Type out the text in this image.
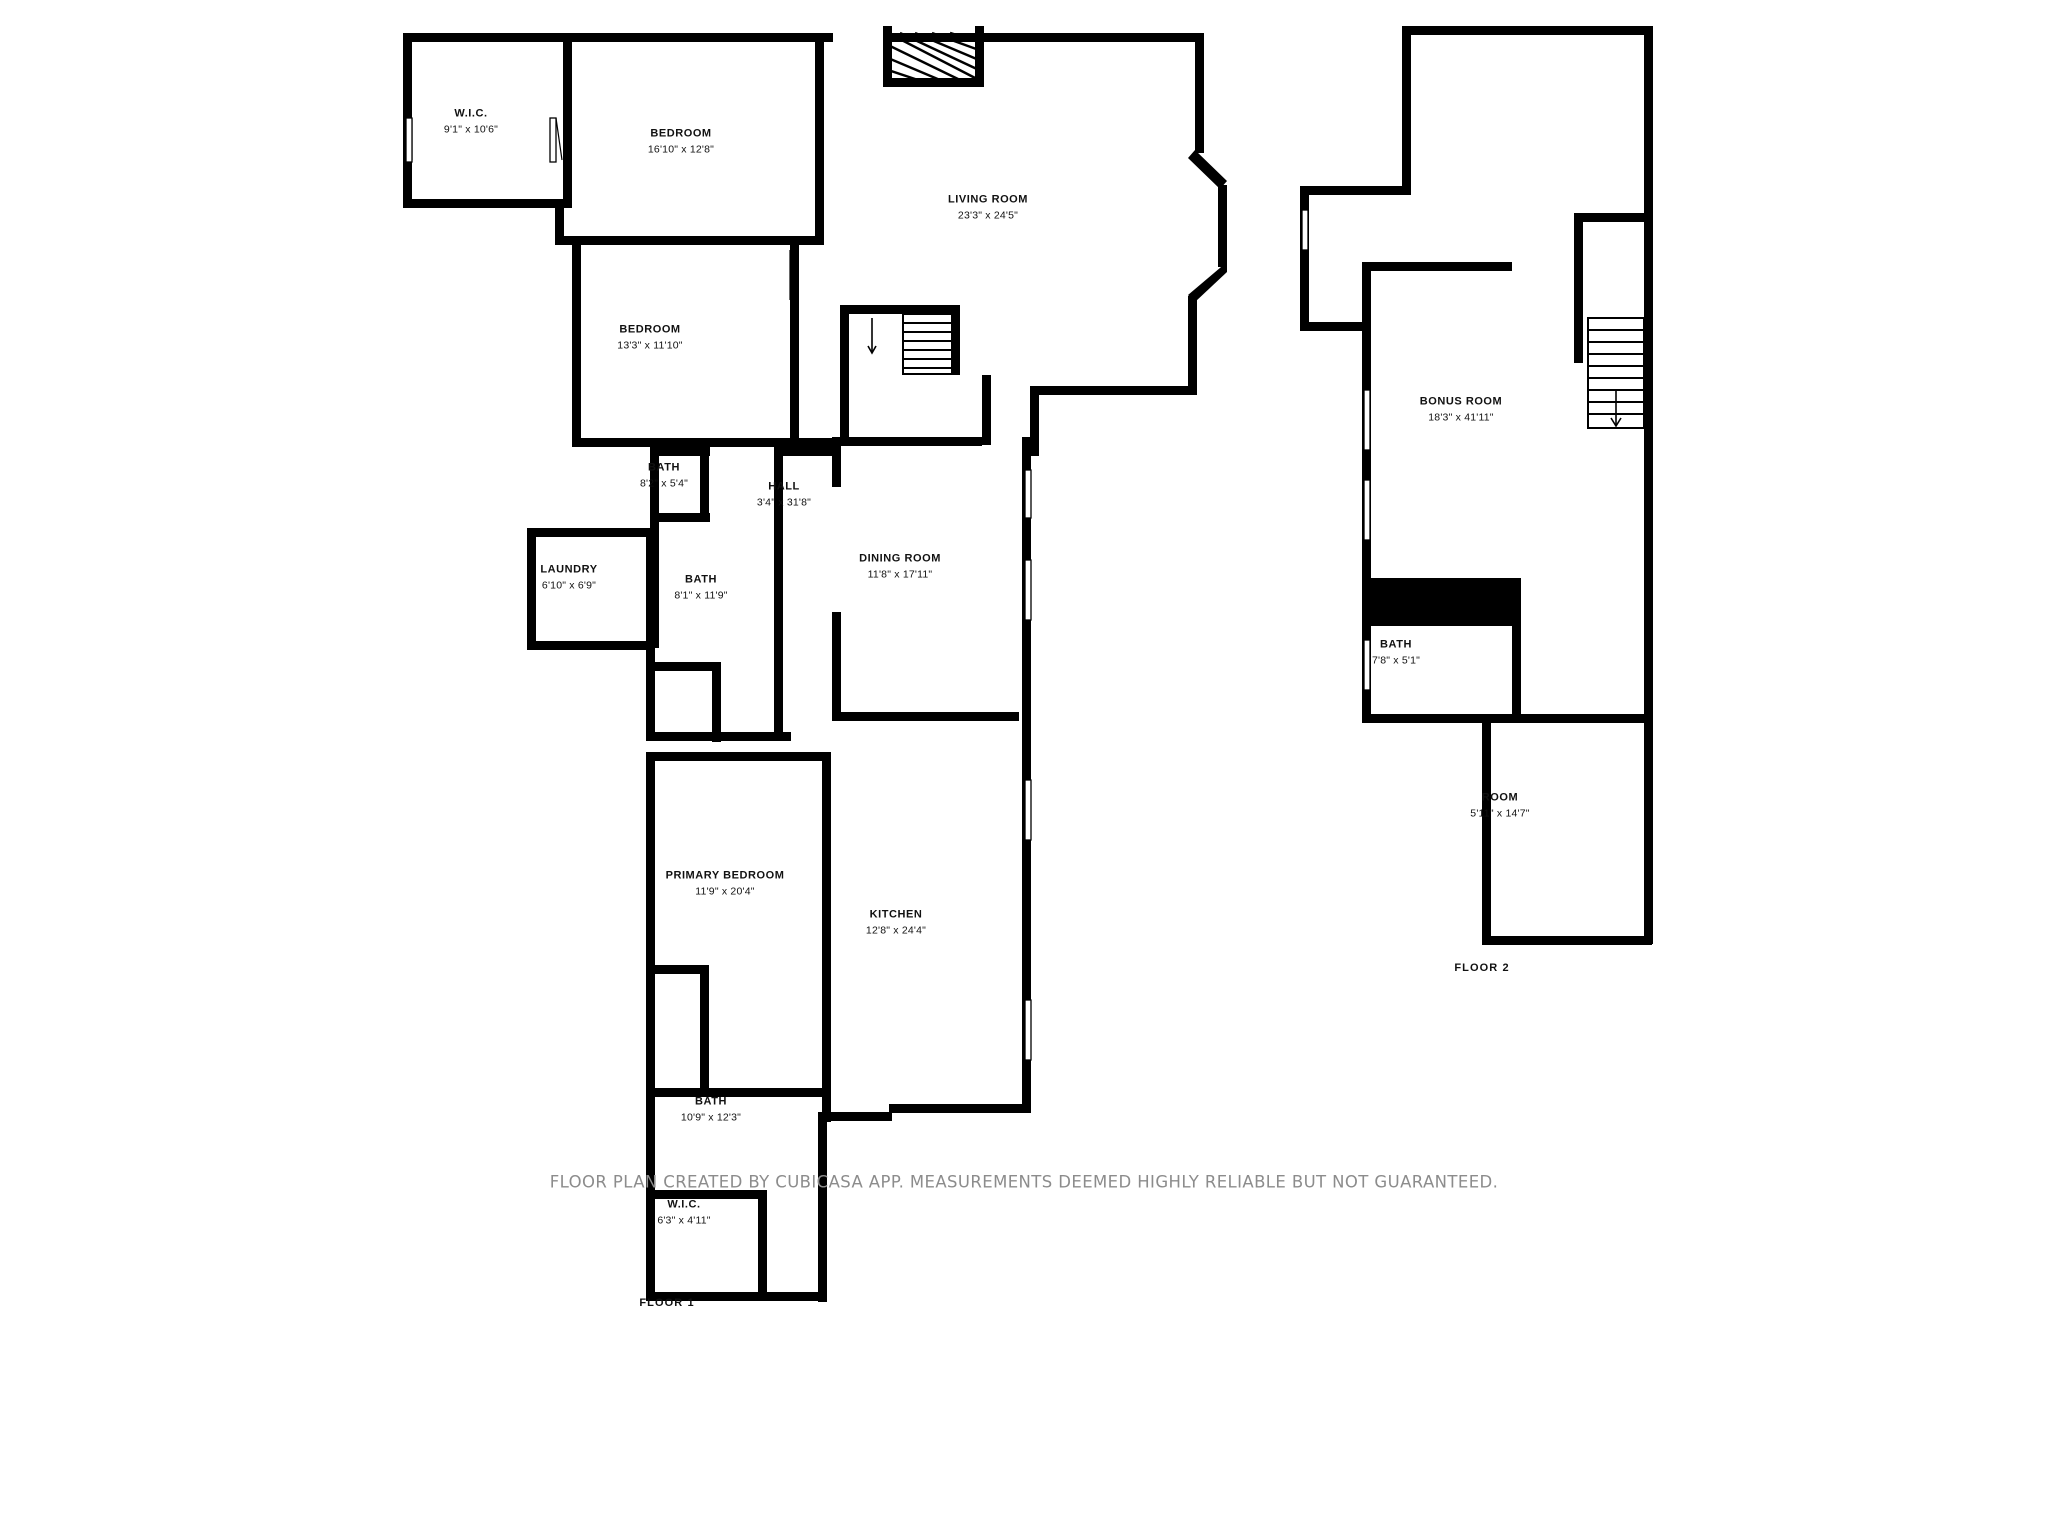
W.I.C.
9'1" x 10'6"	BEDROOM
16'10" x 12'8"
LIVING ROOM
23'3" x 24'5"
BEDROOM
13'3" x 11'10"
BATH
8'2" x 5'4"	HALL
3'4" x 31'8"
DINING ROOM
11'8" x 17'11"
LAUNDRY
6'10" x 6'9"	BATH
8'1" x 11'9"
PRIMARY BEDROOM
11'9" x 20'4"
KITCHEN
12'8" x 24'4"
BATH
10'9" x 12'3"
W.I.C.
6'3" x 4'11"
FLOOR 1
BONUS ROOM
18'3" x 41'11"
BATH
7'8" x 5'1"
ROOM
5'11" x 14'7"
FLOOR 2
FLOOR PLAN CREATED BY CUBICASA APP. MEASUREMENTS DEEMED HIGHLY RELIABLE BUT NOT GUARANTEED.
